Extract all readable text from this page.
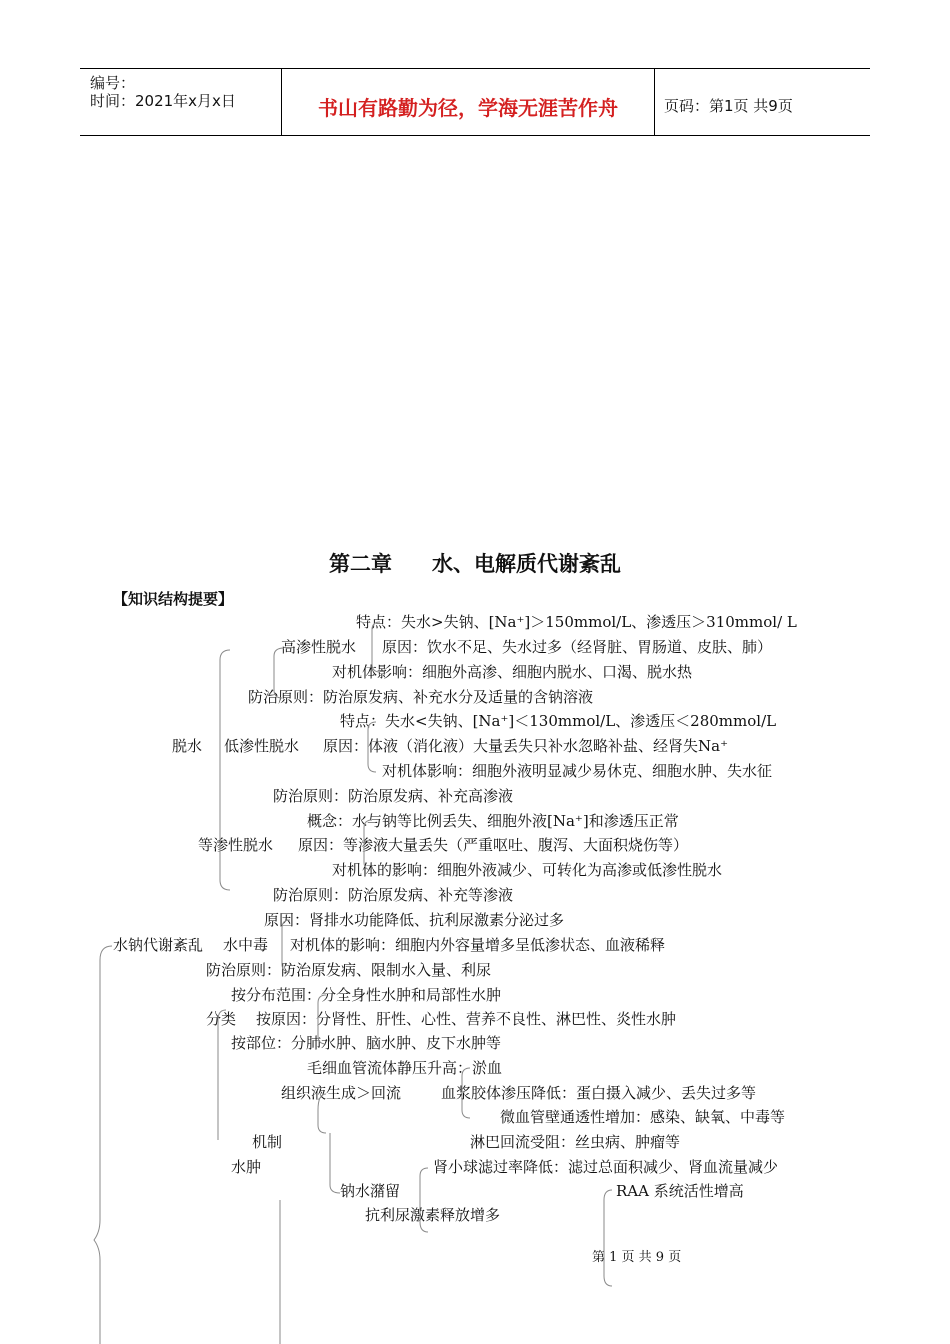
编号：
时间：2021年x月x日	书山有路勤为径，学海无涯苦作舟	页码：第1页 共9页
第二章 水、电解质代谢紊乱
【知识结构提要】
特点：失水>失钠、[Na⁺]＞150mmol/L、渗透压＞310mmol/ L
高渗性脱水 原因：饮水不足、失水过多（经肾脏、胃肠道、皮肤、肺）
对机体影响：细胞外高渗、细胞内脱水、口渴、脱水热
防治原则：防治原发病、补充水分及适量的含钠溶液
特点：失水<失钠、[Na⁺]＜130mmol/L、渗透压＜280mmol/L
脱水 低渗性脱水 原因：体液（消化液）大量丢失只补水忽略补盐、经肾失Na⁺
对机体影响：细胞外液明显减少易休克、细胞水肿、失水征
防治原则：防治原发病、补充高渗液
概念：水与钠等比例丢失、细胞外液[Na⁺]和渗透压正常
等渗性脱水 原因：等渗液大量丢失（严重呕吐、腹泻、大面积烧伤等）
对机体的影响：细胞外液减少、可转化为高渗或低渗性脱水
防治原则：防治原发病、补充等渗液
原因：肾排水功能降低、抗利尿激素分泌过多
水钠代谢紊乱 水中毒 对机体的影响：细胞内外容量增多呈低渗状态、血液稀释
防治原则：防治原发病、限制水入量、利尿
按分布范围：分全身性水肿和局部性水肿
分类 按原因：分肾性、肝性、心性、营养不良性、淋巴性、炎性水肿
按部位：分肺水肿、脑水肿、皮下水肿等
毛细血管流体静压升高：淤血
组织液生成＞回流	血浆胶体渗压降低：蛋白摄入减少、丢失过多等
微血管壁通透性增加：感染、缺氧、中毒等
机制	淋巴回流受阻：丝虫病、肿瘤等
水肿	肾小球滤过率降低：滤过总面积减少、肾血流量减少
钠水潴留	RAA 系统活性增高
抗利尿激素释放增多
第 1 页 共 9 页
